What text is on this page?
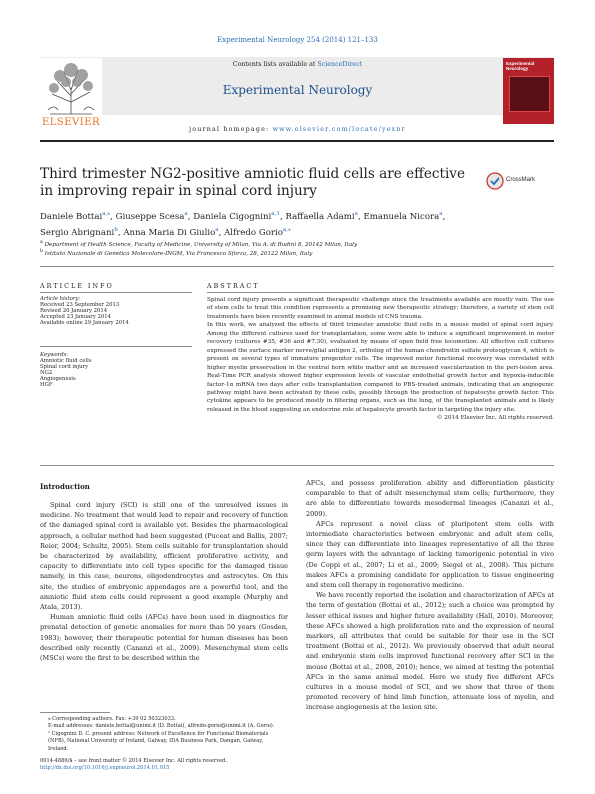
Experimental Neurology 254 (2014) 121–133
Contents lists available at ScienceDirect
Experimental Neurology
ELSEVIER
Experimental Neurology
journal homepage: www.elsevier.com/locate/yexnr
Third trimester NG2-positive amniotic fluid cells are effective in improving repair in spinal cord injury
CrossMark
Daniele Bottai$^{a,⁎}$, Giuseppe Scesa$^a$, Daniela Cigognini$^{a,1}$, Raffaella Adami$^a$, Emanuela Nicora$^a$,
Sergio Abrignani$^b$, Anna Maria Di Giulio$^a$, Alfredo Gorio$^{a,⁎}$
$^a$ Department of Health Science, Faculty of Medicine, University of Milan, Via A. di Rudinì 8, 20142 Milan, Italy
$^b$ Istituto Nazionale di Genetica Molecolare-INGM, Via Francesco Sforza, 28, 20122 Milan, Italy
ARTICLE INFO
Article history:
Received 23 September 2013
Revised 20 January 2014
Accepted 23 January 2014
Available online 29 January 2014
Keywords:
Amniotic fluid cells
Spinal cord injury
NG2
Angiogenesis
HGF
ABSTRACT

Spinal cord injury presents a significant therapeutic challenge since the treatments available are mostly vain. The use of stem cells to treat this condition represents a promising new therapeutic strategy; therefore, a variety of stem cell treatments have been recently examined in animal models of CNS trauma.

In this work, we analyzed the effects of third trimester amniotic fluid cells in a mouse model of spinal cord injury. Among the different cultures used for transplantation, some were able to induce a significant improvement in motor recovery (cultures #35, #36 and #7.30), evaluated by means of open field free locomotion. All effective cell cultures expressed the surface marker nerve/glial antigen 2, ortholog of the human chondroitin sulfate proteoglycan 4, which is present on several types of immature progenitor cells. The improved motor functional recovery was correlated with higher myelin preservation in the ventral horn white matter and an increased vascularization in the peri-lesion area. Real-Time PCR analysis showed higher expression levels of vascular endothelial growth factor and hypoxia-inducible factor-1α mRNA two days after cells transplantation compared to PBS-treated animals, indicating that an angiogenic pathway might have been activated by these cells, possibly through the production of hepatocyte growth factor. This cytokine appears to be produced mostly in filtering organs, such as the lung, of the transplanted animals and is likely released in the blood suggesting an endocrine role of hepatocyte growth factor in targeting the injury site.

© 2014 Elsevier Inc. All rights reserved.
Introduction

Spinal cord injury (SCI) is still one of the unresolved issues in medicine. No treatment that would lead to repair and recovery of function of the damaged spinal cord is available yet. Besides the pharmacological approach, a cellular method had been suggested (Puceat and Ballis, 2007; Reier, 2004; Schultz, 2005). Stem cells suitable for transplantation should be characterized by availability, efficient proliferative activity, and capacity to differentiate into cell types specific for the damaged tissue namely, in this case, neurons, oligodendrocytes and astrocytes. On this site, the studies of embryonic appendages are a powerful tool, and the amniotic fluid stem cells could represent a good example (Murphy and Atala, 2013).

Human amniotic fluid cells (AFCs) have been used in diagnostics for prenatal detection of genetic anomalies for more than 50 years (Gosden, 1983); however, their therapeutic potential for human diseases has been described only recently (Cananzi et al., 2009). Mesenchymal stem cells (MSCs) were the first to be described within the

AFCs, and possess proliferation ability and differentiation plasticity comparable to that of adult mesenchymal stem cells; furthermore, they are able to differentiate towards mesodermal lineages (Cananzi et al., 2009).

AFCs represent a novel class of pluripotent stem cells with intermediate characteristics between embryonic and adult stem cells, since they can differentiate into lineages representative of all the three germ layers with the advantage of lacking tumorigenic potential in vivo (De Coppi et al., 2007; Li et al., 2009; Siegel et al., 2008). This picture makes AFCs a promising candidate for application to tissue engineering and stem cell therapy in regenerative medicine.

We have recently reported the isolation and characterization of AFCs at the term of gestation (Bottai et al., 2012); such a choice was prompted by lesser ethical issues and higher future availability (Hall, 2010). Moreover, these AFCs showed a high proliferation rate and the expression of neural markers, all attributes that could be suitable for their use in the SCI treatment (Bottai et al., 2012). We previously observed that adult neural and embryonic stem cells improved functional recovery after SCI in the mouse (Bottai et al., 2008, 2010); hence, we aimed at testing the potential AFCs in the same animal model. Here we study five different AFCs cultures in a mouse model of SCI, and we show that three of them promoted recovery of hind limb function, attenuate loss of myelin, and increase angiogenesis at the lesion site.

⁎ Corresponding authors. Fax: +39 02 50323033.
E-mail addresses: daniele.bottai@unimi.it (D. Bottai), alfredo.gorio@unimi.it (A. Gorio).
¹ Cigognini D. C. present address: Network of Excellence for Functional Biomaterials (NFB), National University of Ireland, Galway, IDA Business Park, Dangan, Galway, Ireland.
0014-4886/$ – see front matter © 2014 Elsevier Inc. All rights reserved.
http://dx.doi.org/10.1016/j.expneurol.2014.01.015
